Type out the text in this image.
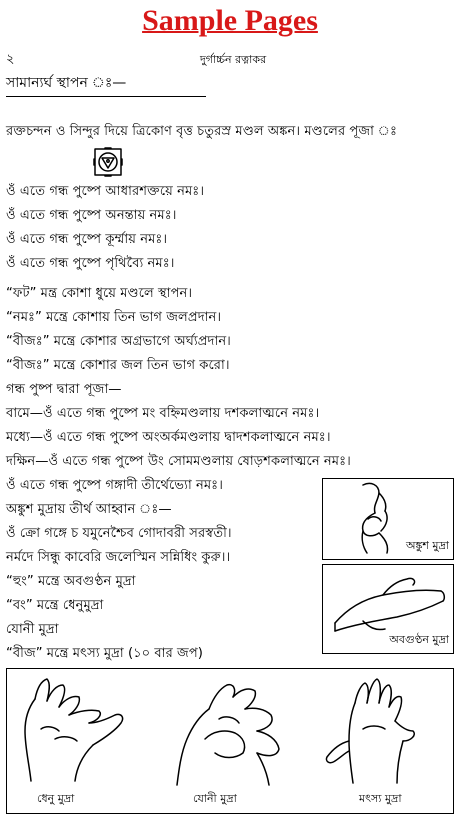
Sample Pages
২	দুর্গার্চ্চন রত্নাকর
সামান্যর্ঘ স্থাপন ঃ—
রক্তচন্দন ও সিন্দুর দিয়ে ত্রিকোণ বৃত্ত চতুরস্র মণ্ডল অঙ্কন। মণ্ডলের পূজা ঃ
ওঁ এতে গন্ধ পুষ্পে আধারশক্তয়ে নমঃ।
ওঁ এতে গন্ধ পুষ্পে অনন্তায় নমঃ।
ওঁ এতে গন্ধ পুষ্পে কূর্ম্মায় নমঃ।
ওঁ এতে গন্ধ পুষ্পে পৃথিব্যৈ নমঃ।
“ফট” মন্ত্র কোশা ধুয়ে মণ্ডলে স্থাপন।
“নমঃ” মন্ত্রে কোশায় তিন ভাগ জলপ্রদান।
“বীজঃ” মন্ত্রে কোশার অগ্রভাগে অর্ঘ্যপ্রদান।
“বীজঃ” মন্ত্রে কোশার জল তিন ভাগ করো।
গন্ধ পুষ্প দ্বারা পূজা—
বামে—ওঁ এতে গন্ধ পুষ্পে মং বহ্নিমণ্ডলায় দশকলাত্মনে নমঃ।
মধ্যে—ওঁ এতে গন্ধ পুষ্পে অংঅর্কমণ্ডলায় দ্বাদশকলাত্মনে নমঃ।
দক্ষিন—ওঁ এতে গন্ধ পুষ্পে উং সোমমণ্ডলায় ষোড়শকলাত্মনে নমঃ।
ওঁ এতে গন্ধ পুষ্পে গঙ্গাদী তীর্থেভ্যো নমঃ।
অঙ্কুশ মুদ্রায় তীর্থ আহ্বান ঃ—
ওঁ ক্রো গঙ্গে চ যমুনেশ্চৈব গোদাবরী সরস্বতী।
নর্মদে সিন্ধু কাবেরি জলেস্মিন সন্নিধিং কুরু।।
“হুং” মন্ত্রে অবগুণ্ঠন মুদ্রা
“বং” মন্ত্রে ধেনুমুদ্রা
যোনী মুদ্রা
“বীজ” মন্ত্রে মৎস্য মুদ্রা (১০ বার জপ)
অঙ্কুশ মুদ্রা
অবগুণ্ঠন মুদ্রা
ধেনু মুদ্রা	যোনী মুদ্রা	মৎস্য মুদ্রা
